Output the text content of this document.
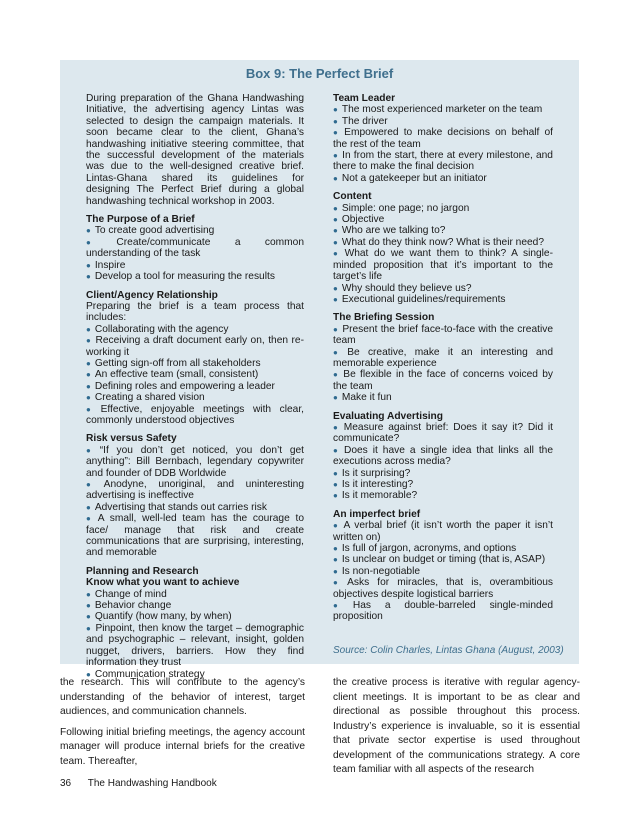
Box 9: The Perfect Brief

During preparation of the Ghana Handwashing Initiative, the advertising agency Lintas was selected to design the campaign materials. It soon became clear to the client, Ghana’s handwashing initiative steering committee, that the successful development of the materials was due to the well-designed creative brief. Lintas-Ghana shared its guidelines for designing The Perfect Brief during a global handwashing technical workshop in 2003.

The Purpose of a Brief
● To create good advertising
● Create/communicate a common understanding of the task
● Inspire
● Develop a tool for measuring the results
Client/Agency Relationship
Preparing the brief is a team process that includes:
● Collaborating with the agency
● Receiving a draft document early on, then re-working it
● Getting sign-off from all stakeholders
● An effective team (small, consistent)
● Defining roles and empowering a leader
● Creating a shared vision
● Effective, enjoyable meetings with clear, commonly understood objectives
Risk versus Safety
● “If you don’t get noticed, you don’t get anything”: Bill Bernbach, legendary copywriter and founder of DDB Worldwide
● Anodyne, unoriginal, and uninteresting advertising is ineffective
● Advertising that stands out carries risk
● A small, well-led team has the courage to face/ manage that risk and create communications that are surprising, interesting, and memorable
Planning and Research
Know what you want to achieve
● Change of mind
● Behavior change
● Quantify (how many, by when)
● Pinpoint, then know the target – demographic and psychographic – relevant, insight, golden nugget, drivers, barriers. How they find information they trust
● Communication strategy
Team Leader
● The most experienced marketer on the team
● The driver
● Empowered to make decisions on behalf of the rest of the team
● In from the start, there at every milestone, and there to make the final decision
● Not a gatekeeper but an initiator
Content
● Simple: one page; no jargon
● Objective
● Who are we talking to?
● What do they think now? What is their need?
● What do we want them to think? A single-minded proposition that it’s important to the target’s life
● Why should they believe us?
● Executional guidelines/requirements
The Briefing Session
● Present the brief face-to-face with the creative team
● Be creative, make it an interesting and memorable experience
● Be flexible in the face of concerns voiced by the team
● Make it fun
Evaluating Advertising
● Measure against brief: Does it say it? Did it communicate?
● Does it have a single idea that links all the executions across media?
● Is it surprising?
● Is it interesting?
● Is it memorable?
An imperfect brief
● A verbal brief (it isn’t worth the paper it isn’t written on)
● Is full of jargon, acronyms, and options
● Is unclear on budget or timing (that is, ASAP)
● Is non-negotiable
● Asks for miracles, that is, overambitious objectives despite logistical barriers
● Has a double-barreled single-minded proposition
Source: Colin Charles, Lintas Ghana (August, 2003)

the research. This will contribute to the agency’s understanding of the behavior of interest, target audiences, and communication channels.

Following initial briefing meetings, the agency account manager will produce internal briefs for the creative team. Thereafter,

the creative process is iterative with regular agency-client meetings. It is important to be as clear and directional as possible throughout this process. Industry’s experience is invaluable, so it is essential that private sector expertise is used throughout development of the communications strategy. A core team familiar with all aspects of the research

36 The Handwashing Handbook
